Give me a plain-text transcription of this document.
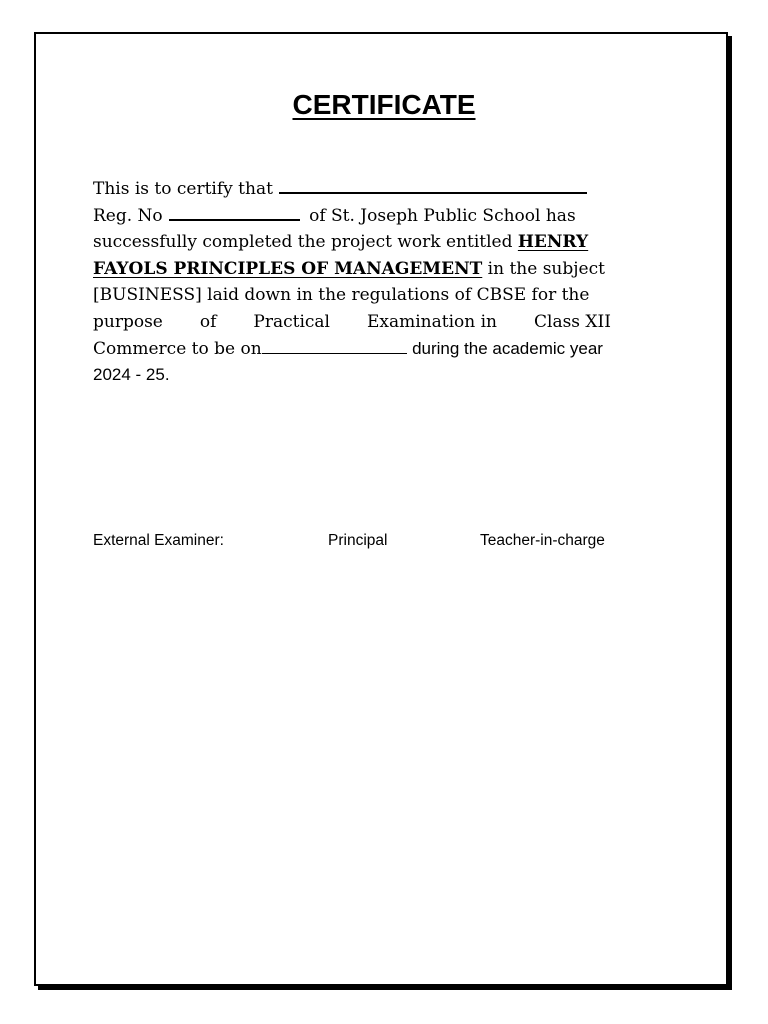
CERTIFICATE
This is to certify that
Reg. No	of St. Joseph Public School has
successfully completed the project work entitled HENRY
FAYOLS PRINCIPLES OF MANAGEMENT in the subject
[BUSINESS] laid down in the regulations of CBSE for the
purpose of Practical Examination in Class XII
Commerce to be on	during the academic year
2024 - 25.
External Examiner:	Principal	Teacher-in-charge
